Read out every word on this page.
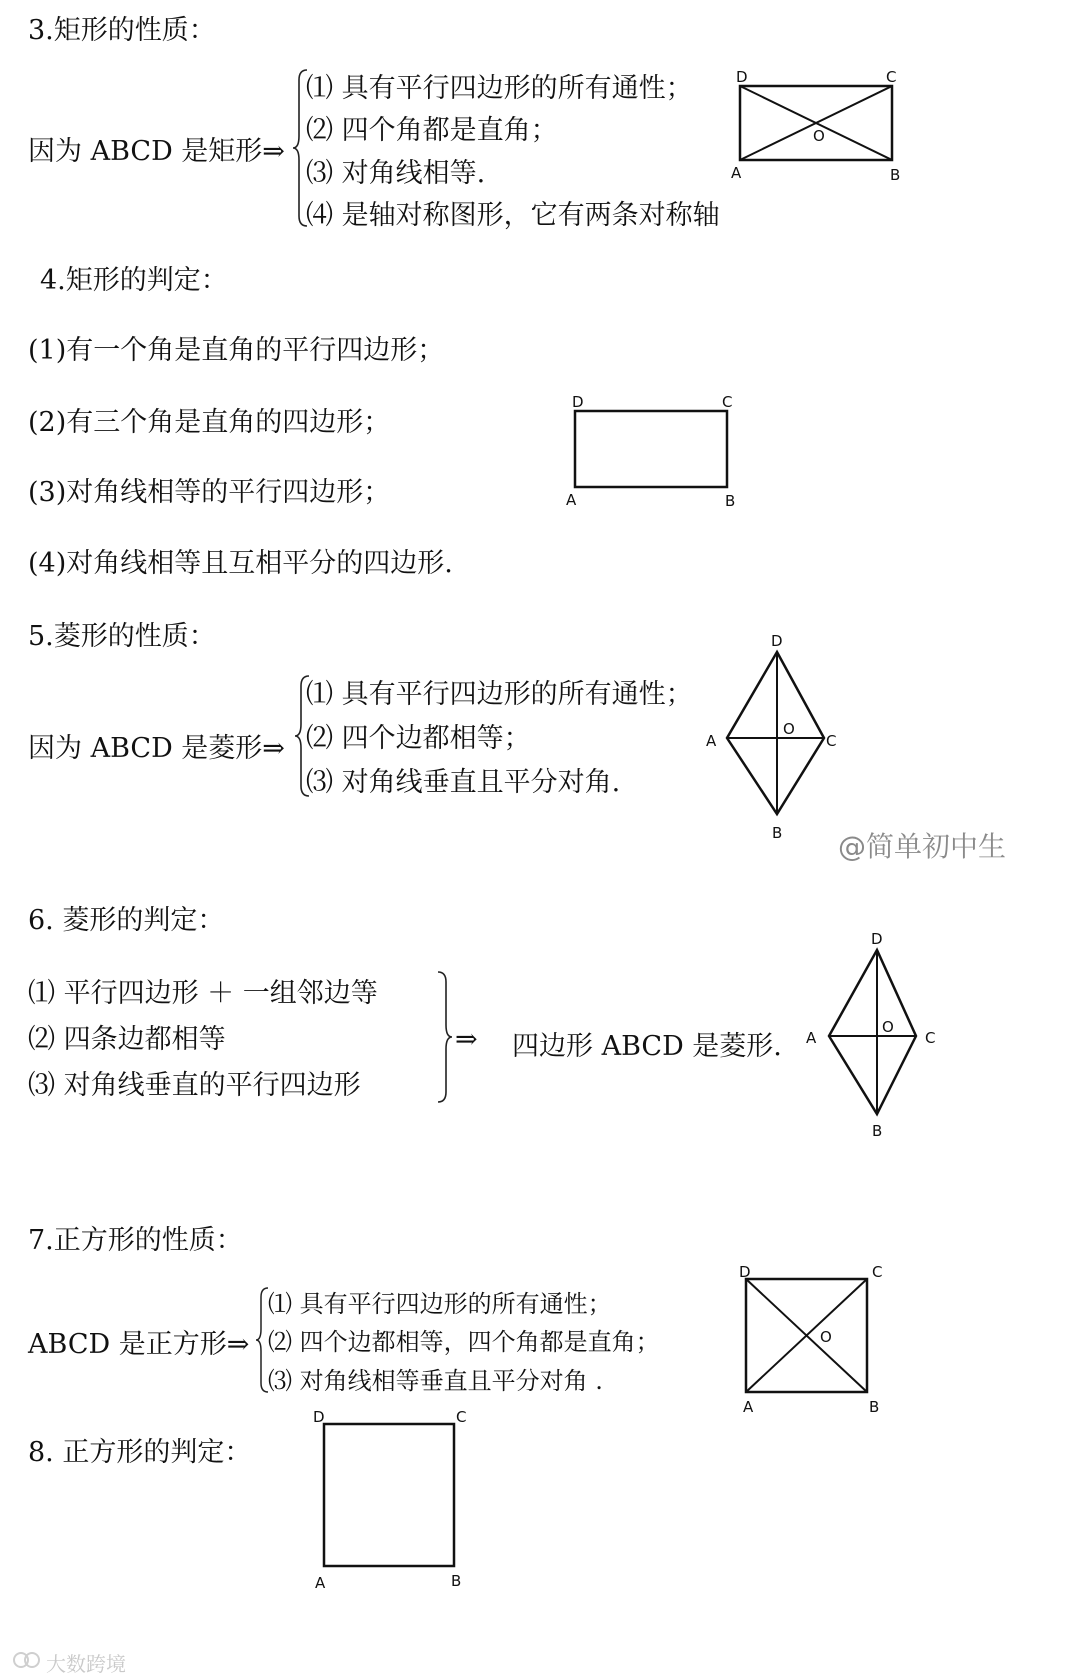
3.矩形的性质：
因为 ABCD 是矩形⇒
⑴ 具有平行四边形的所有通性；
⑵ 四个角都是直角；
⑶ 对角线相等.
⑷ 是轴对称图形，它有两条对称轴
D	C
A	B
O
4.矩形的判定：
(1)有一个角是直角的平行四边形；
(2)有三个角是直角的四边形；
(3)对角线相等的平行四边形；
(4)对角线相等且互相平分的四边形.
D	C
A	B
5.菱形的性质：
因为 ABCD 是菱形⇒
⑴ 具有平行四边形的所有通性；
⑵ 四个边都相等；
⑶ 对角线垂直且平分对角.
D
A
O
C
B @简单初中生
6. 菱形的判定：
⑴ 平行四边形 ＋ 一组邻边等
⑵ 四条边都相等
⑶ 对角线垂直的平行四边形
⇒ 四边形 ABCD 是菱形.
D
A
O
C
B
7.正方形的性质：
ABCD 是正方形⇒
⑴ 具有平行四边形的所有通性；
⑵ 四个边都相等，四个角都是直角；
⑶ 对角线相等垂直且平分对角 .
D	C
O
A	B
8. 正方形的判定：
D	C
A	B
大数跨境
